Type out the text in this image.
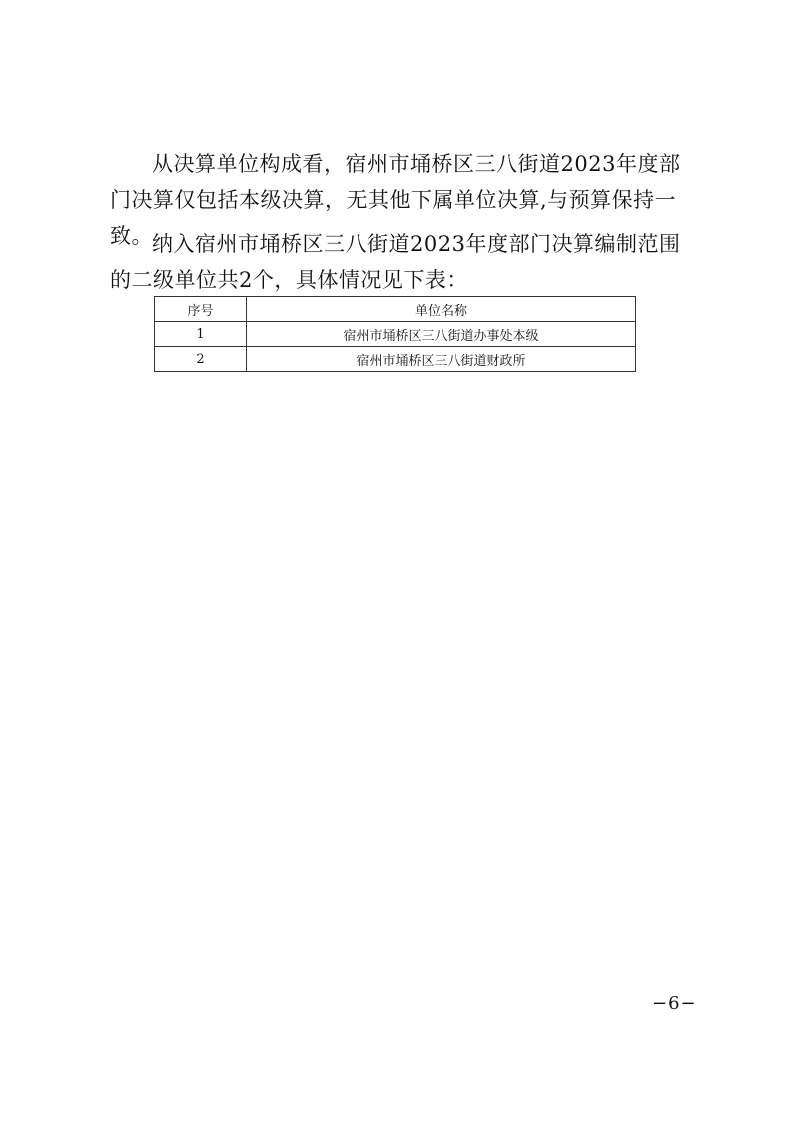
从决算单位构成看，宿州市埇桥区三八街道2023年度部门决算仅包括本级决算，无其他下属单位决算,与预算保持一致。 纳入宿州市埇桥区三八街道2023年度部门决算编制范围的二级单位共2个，具体情况见下表：

序号	单位名称
1	宿州市埇桥区三八街道办事处本级
2	宿州市埇桥区三八街道财政所
−6−
